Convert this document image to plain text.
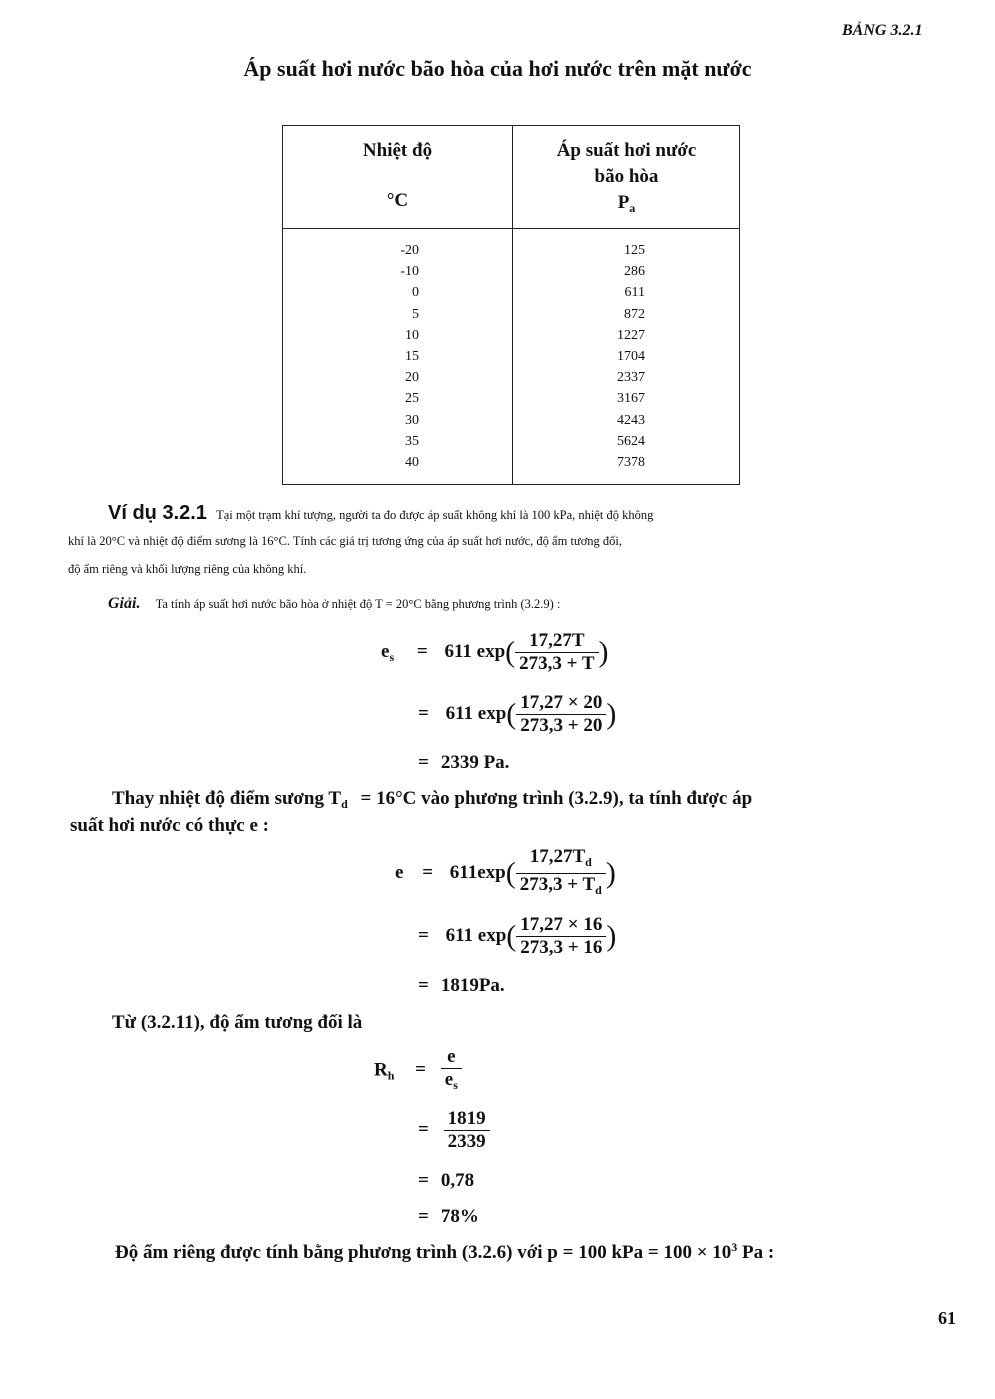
BẢNG 3.2.1
Áp suất hơi nước bão hòa của hơi nước trên mặt nước
Nhiệt độ
°C
Áp suất hơi nước
bão hòa
$P_a$
-20
-10
0
5
10
15
20
25
30
35
40
125
286
611
872
1227
1704
2337
3167
4243
5624
7378
Ví dụ 3.2.1 Tại một trạm khí tượng, người ta đo được áp suất không khí là 100 kPa, nhiệt độ không
khí là 20°C và nhiệt độ điểm sương là 16°C. Tính các giá trị tương ứng của áp suất hơi nước, độ ẩm tương đối,
độ ẩm riêng và khối lượng riêng của không khí.
Giải. Ta tính áp suất hơi nước bão hòa ở nhiệt độ T = 20°C bằng phương trình (3.2.9) :
$e_s = 611$ $\exp( \frac{17,27T}{273,3 + T}$ )
= 611 $\exp( \frac{17,27 \times 20}{273,3 + 20}$ )
= 2339 Pa.
Thay nhiệt độ điểm sương $T_d = 16^\circ C$ vào phương trình (3.2.9), ta tính được áp
suất hơi nước có thực e :
$e = 611\exp( \frac{17,27T_d}{273,3 + T_d}$ )
= 611 $\exp( \frac{17,27 \times 16}{273,3 + 16}$ )
= 1819Pa.
Từ (3.2.11), độ ẩm tương đối là
$R_h = \frac{e}{e_s}$
= $\frac{1819}{2339}$
= 0,78
= 78%
Độ ẩm riêng được tính bằng phương trình (3.2.6) với p = 100 kPa = $100 \times 10^3$ Pa :
61
